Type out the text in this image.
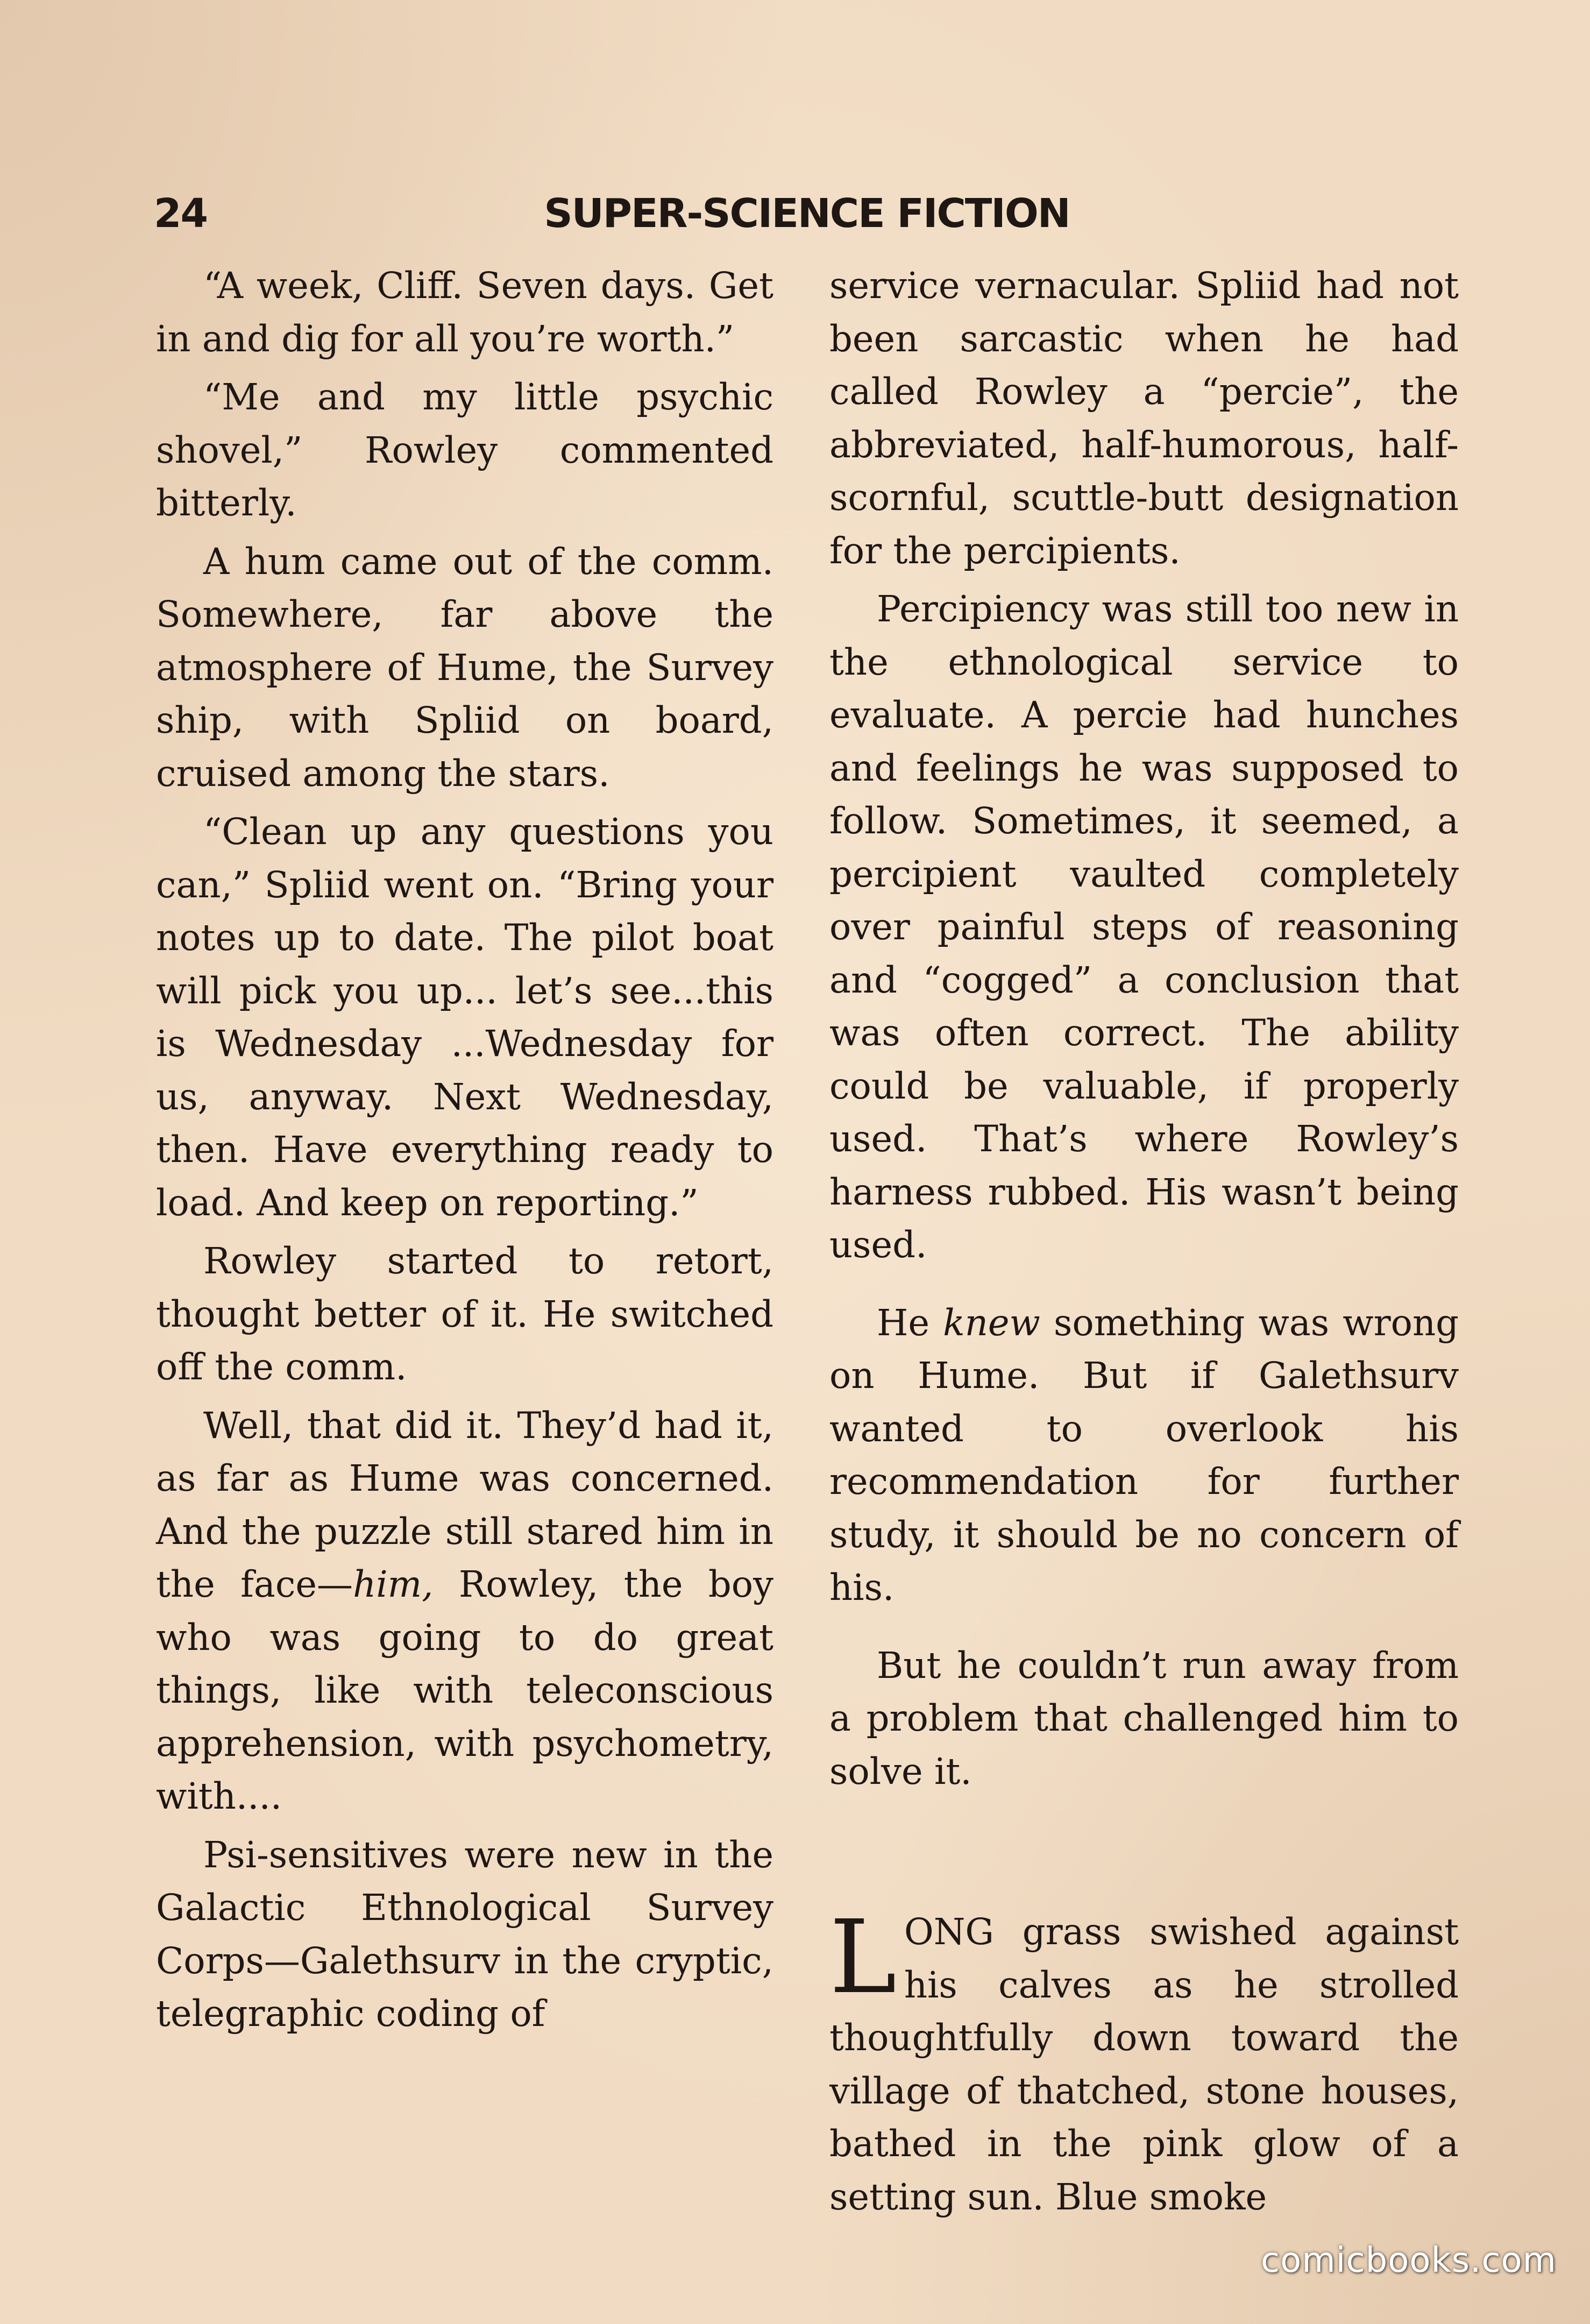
24	SUPER-SCIENCE FICTION

“A week, Cliff. Seven days. Get in and dig for all you’re worth.”

“Me and my little psychic shovel,” Rowley commented bitterly.

A hum came out of the comm. Somewhere, far above the atmosphere of Hume, the Survey ship, with Spliid on board, cruised among the stars.

“Clean up any questions you can,” Spliid went on. “Bring your notes up to date. The pilot boat will pick you up... let’s see...this is Wednesday ...Wednesday for us, anyway. Next Wednesday, then. Have everything ready to load. And keep on reporting.”

Rowley started to retort, thought better of it. He switched off the comm.

Well, that did it. They’d had it, as far as Hume was concerned. And the puzzle still stared him in the face—him, Rowley, the boy who was going to do great things, like with teleconscious apprehension, with psychometry, with....

Psi-sensitives were new in the Galactic Ethnological Survey Corps—Galethsurv in the cryptic, telegraphic coding of

service vernacular. Spliid had not been sarcastic when he had called Rowley a “percie”, the abbreviated, half-humorous, half-scornful, scuttle-butt designation for the percipients.

Percipiency was still too new in the ethnological service to evaluate. A percie had hunches and feelings he was supposed to follow. Sometimes, it seemed, a percipient vaulted completely over painful steps of reasoning and “cogged” a conclusion that was often correct. The ability could be valuable, if properly used. That’s where Rowley’s harness rubbed. His wasn’t being used.

He knew something was wrong on Hume. But if Galethsurv wanted to overlook his recommendation for further study, it should be no concern of his.

But he couldn’t run away from a problem that challenged him to solve it.

LONG grass swished against his calves as he strolled thoughtfully down toward the village of thatched, stone houses, bathed in the pink glow of a setting sun. Blue smoke

comicbooks.com
